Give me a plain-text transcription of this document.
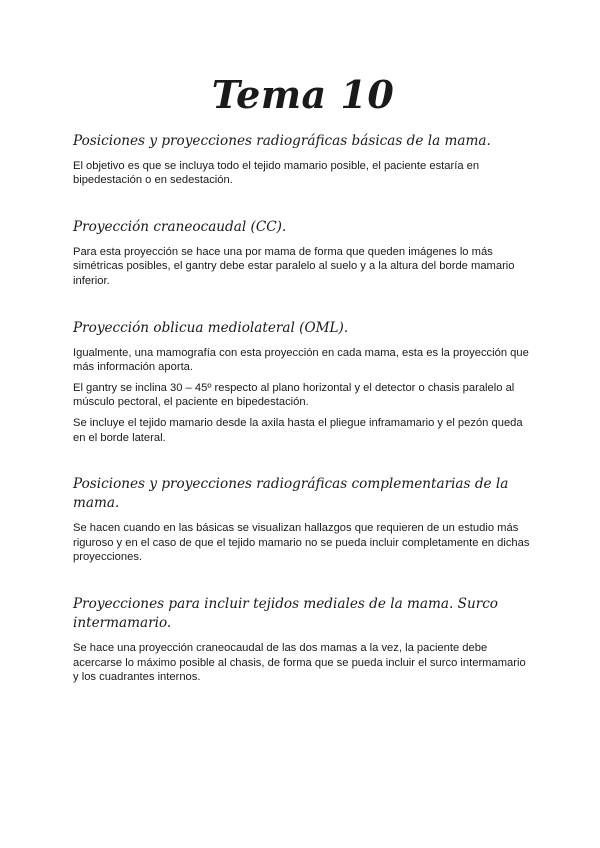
Tema 10
Posiciones y proyecciones radiográficas básicas de la mama.

El objetivo es que se incluya todo el tejido mamario posible, el paciente estaría en bipedestación o en sedestación.

Proyección craneocaudal (CC).

Para esta proyección se hace una por mama de forma que queden imágenes lo más simétricas posibles, el gantry debe estar paralelo al suelo y a la altura del borde mamario inferior.

Proyección oblicua mediolateral (OML).

Igualmente, una mamografía con esta proyección en cada mama, esta es la proyección que más información aporta.

El gantry se inclina 30 – 45º respecto al plano horizontal y el detector o chasis paralelo al músculo pectoral, el paciente en bipedestación.

Se incluye el tejido mamario desde la axila hasta el pliegue inframamario y el pezón queda en el borde lateral.

Posiciones y proyecciones radiográficas complementarias de la mama.

Se hacen cuando en las básicas se visualizan hallazgos que requieren de un estudio más riguroso y en el caso de que el tejido mamario no se pueda incluir completamente en dichas proyecciones.

Proyecciones para incluir tejidos mediales de la mama. Surco intermamario.

Se hace una proyección craneocaudal de las dos mamas a la vez, la paciente debe acercarse lo máximo posible al chasis, de forma que se pueda incluir el surco intermamario y los cuadrantes internos.
